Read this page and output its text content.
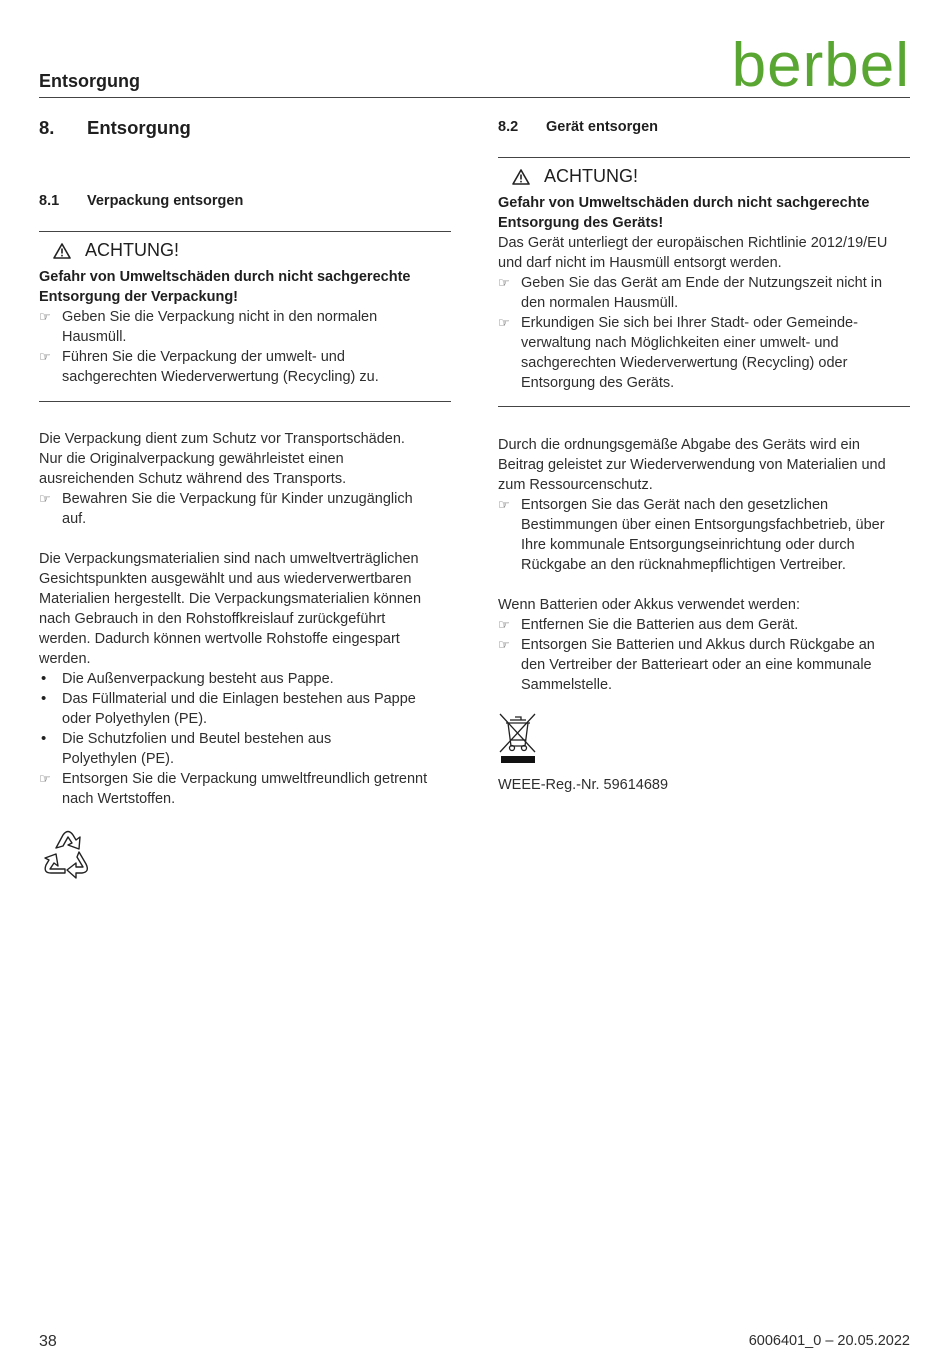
Entsorgung	berbel
8. Entsorgung
8.1 Verpackung entsorgen
ACHTUNG!
Gefahr von Umweltschäden durch nicht sachgerechte
Entsorgung der Verpackung!
☞ Geben Sie die Verpackung nicht in den normalen
Hausmüll.
☞ Führen Sie die Verpackung der umwelt- und
sachgerechten Wiederverwertung (Recycling) zu.
Die Verpackung dient zum Schutz vor Transportschäden.
Nur die Originalverpackung gewährleistet einen
ausreichenden Schutz während des Transports.
☞ Bewahren Sie die Verpackung für Kinder unzugänglich
auf.
Die Verpackungsmaterialien sind nach umweltverträglichen
Gesichtspunkten ausgewählt und aus wiederverwertbaren
Materialien hergestellt. Die Verpackungsmaterialien können
nach Gebrauch in den Rohstoffkreislauf zurückgeführt
werden. Dadurch können wertvolle Rohstoffe eingespart
werden.
• Die Außenverpackung besteht aus Pappe.
• Das Füllmaterial und die Einlagen bestehen aus Pappe
oder Polyethylen (PE).
• Die Schutzfolien und Beutel bestehen aus
Polyethylen (PE).
☞ Entsorgen Sie die Verpackung umweltfreundlich getrennt
nach Wertstoffen.
8.2 Gerät entsorgen
ACHTUNG!
Gefahr von Umweltschäden durch nicht sachgerechte
Entsorgung des Geräts!
Das Gerät unterliegt der europäischen Richtlinie 2012/19/EU
und darf nicht im Hausmüll entsorgt werden.
☞ Geben Sie das Gerät am Ende der Nutzungszeit nicht in
den normalen Hausmüll.
☞ Erkundigen Sie sich bei Ihrer Stadt- oder Gemeinde-
verwaltung nach Möglichkeiten einer umwelt- und
sachgerechten Wiederverwertung (Recycling) oder
Entsorgung des Geräts.
Durch die ordnungsgemäße Abgabe des Geräts wird ein
Beitrag geleistet zur Wiederverwendung von Materialien und
zum Ressourcenschutz.
☞ Entsorgen Sie das Gerät nach den gesetzlichen
Bestimmungen über einen Entsorgungsfachbetrieb, über
Ihre kommunale Entsorgungseinrichtung oder durch
Rückgabe an den rücknahmepflichtigen Vertreiber.
Wenn Batterien oder Akkus verwendet werden:
☞ Entfernen Sie die Batterien aus dem Gerät.
☞ Entsorgen Sie Batterien und Akkus durch Rückgabe an
den Vertreiber der Batterieart oder an eine kommunale
Sammelstelle.
WEEE-Reg.-Nr. 59614689
38	6006401_0 – 20.05.2022
